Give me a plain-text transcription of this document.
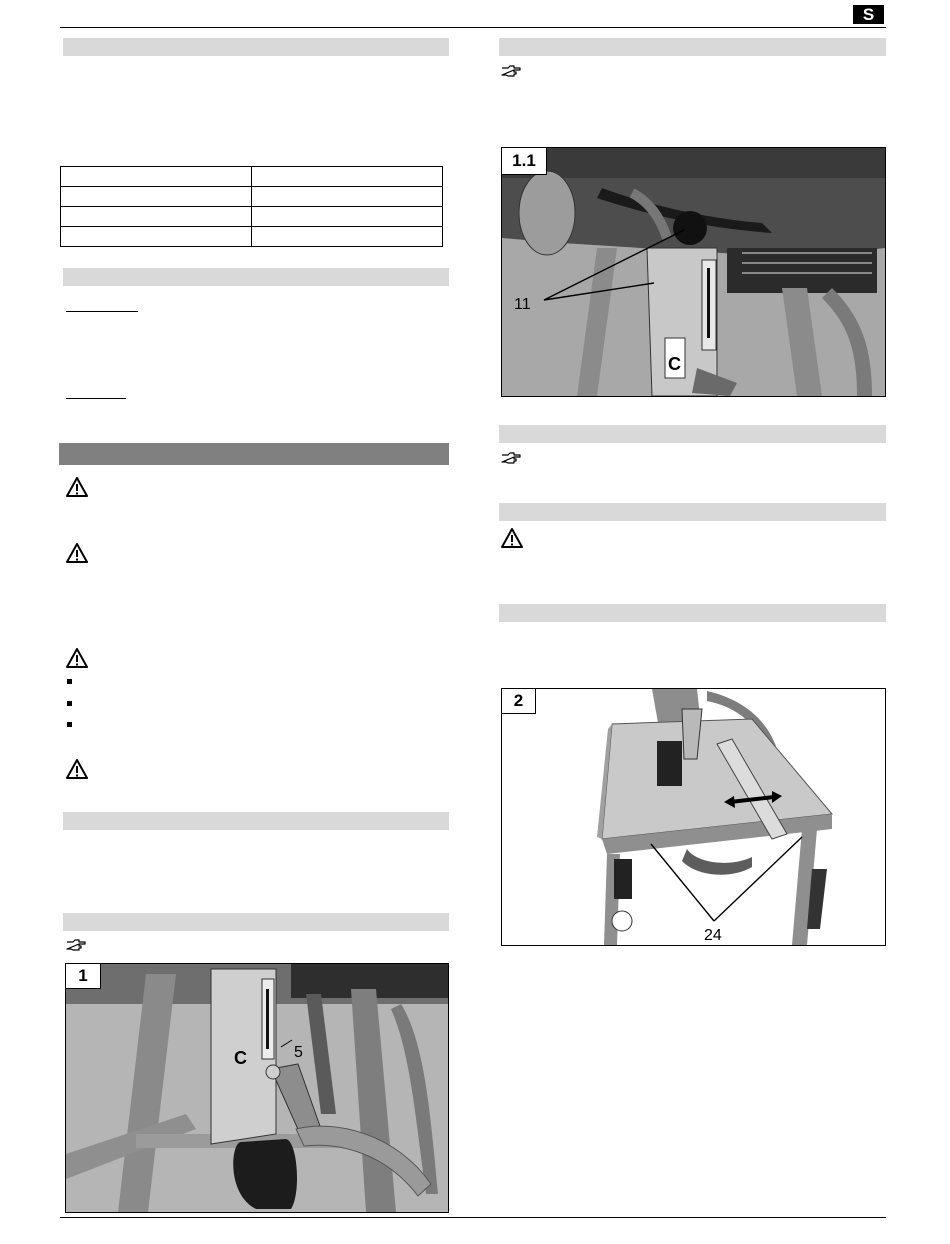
S

C
1
5
C
1.1
11
2
24
